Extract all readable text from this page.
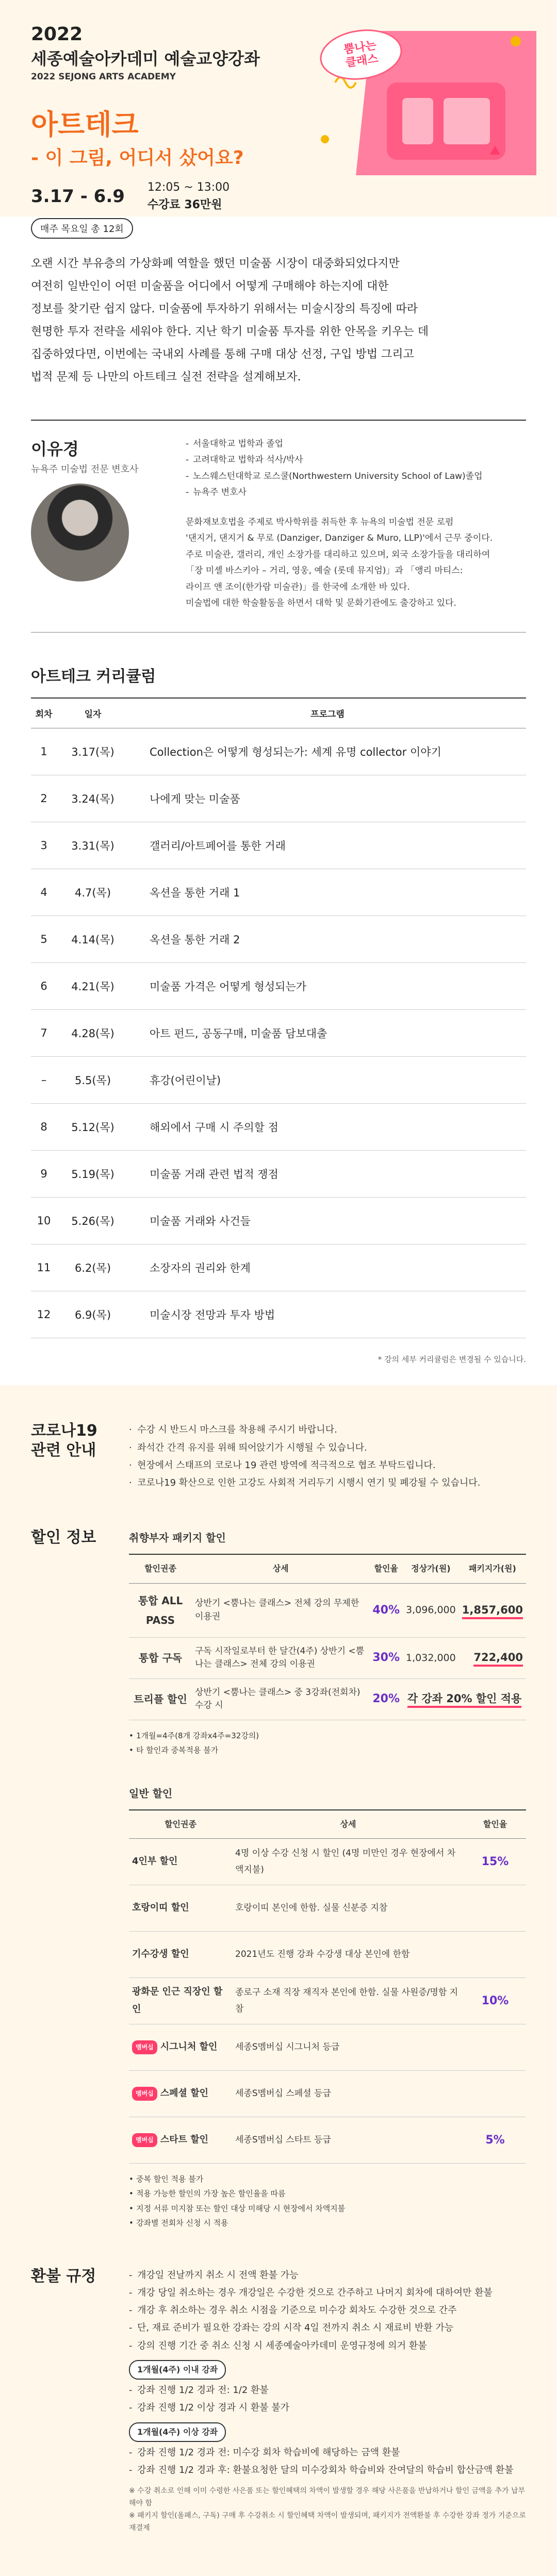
2022
세종예술아카데미 예술교양강좌
2022 SEJONG ARTS ACADEMY
아트테크
- 이 그림, 어디서 샀어요?
3.17 - 6.9 12:05 ~ 13:00
수강료 36만원
매주 목요일 총 12회
뿜나는
클래스
오랜 시간 부유층의 가상화폐 역할을 했던 미술품 시장이 대중화되었다지만
여전히 일반인이 어떤 미술품을 어디에서 어떻게 구매해야 하는지에 대한
정보를 찾기란 쉽지 않다. 미술품에 투자하기 위해서는 미술시장의 특징에 따라
현명한 투자 전략을 세워야 한다. 지난 학기 미술품 투자를 위한 안목을 키우는 데
집중하였다면, 이번에는 국내외 사례를 통해 구매 대상 선정, 구입 방법 그리고
법적 문제 등 나만의 아트테크 실전 전략을 설계해보자.
이유경
뉴욕주 미술법 전문 변호사
- 서울대학교 법학과 졸업
- 고려대학교 법학과 석사/박사
- 노스웨스턴대학교 로스쿨(Northwestern University School of Law)졸업
- 뉴욕주 변호사
문화재보호법을 주제로 박사학위를 취득한 후 뉴욕의 미술법 전문 로펌
'댄지거, 댄지거 & 무로 (Danziger, Danziger & Muro, LLP)'에서 근무 중이다.
주로 미술관, 갤러리, 개인 소장가를 대리하고 있으며, 외국 소장가들을 대리하여
「장 미셸 바스키아 – 거리, 영웅, 예술 (롯데 뮤지엄)」과 「앵리 마티스:
라이프 앤 조이(한가람 미술관)」를 한국에 소개한 바 있다.
미술법에 대한 학술활동을 하면서 대학 및 문화기관에도 출강하고 있다.
아트테크 커리큘럼
회차	일자	프로그램
1	3.17(목)	Collection은 어떻게 형성되는가: 세계 유명 collector 이야기
2	3.24(목)	나에게 맞는 미술품
3	3.31(목)	갤러리/아트페어를 통한 거래
4	4.7(목)	옥션을 통한 거래 1
5	4.14(목)	옥션을 통한 거래 2
6	4.21(목)	미술품 가격은 어떻게 형성되는가
7	4.28(목)	아트 펀드, 공동구매, 미술품 담보대출
–	5.5(목)	휴강(어린이날)
8	5.12(목)	해외에서 구매 시 주의할 점
9	5.19(목)	미술품 거래 관련 법적 쟁점
10	5.26(목)	미술품 거래와 사건들
11	6.2(목)	소장자의 권리와 한계
12	6.9(목)	미술시장 전망과 투자 방법
* 강의 세부 커리큘럼은 변경될 수 있습니다.
코로나19
관련 안내
· 수강 시 반드시 마스크를 착용해 주시기 바랍니다.
· 좌석간 간격 유지를 위해 띄어앉기가 시행될 수 있습니다.
· 현장에서 스태프의 코로나 19 관련 방역에 적극적으로 협조 부탁드립니다.
· 코로나19 확산으로 인한 고강도 사회적 거리두기 시행시 연기 및 폐강될 수 있습니다.
할인 정보	취향부자 패키지 할인
할인권종	상세	할인율	정상가(원)	패키지가(원)
통합 ALL PASS	상반기 <뿜나는 클래스> 전체 강의 무제한 이용권	40%	3,096,000	1,857,600
통합 구독	구독 시작일로부터 한 달간(4주) 상반기 <뿜나는 클래스> 전체 강의 이용권	30%	1,032,000	722,400
트리플 할인	상반기 <뿜나는 클래스> 중 3강좌(전회차) 수강 시	20%	각 강좌 20% 할인 적용	
• 1개월=4주(8개 강좌x4주=32강의)
• 타 할인과 중복적용 불가
일반 할인
할인권종	상세	할인율
4인부 할인	4명 이상 수강 신청 시 할인 (4명 미만인 경우 현장에서 차액지불)	15%
호랑이띠 할인	호랑이띠 본인에 한함. 실물 신분증 지참	
기수강생 할인	2021년도 진행 강좌 수강생 대상 본인에 한함	
광화문 인근 직장인 할인	종로구 소재 직장 재직자 본인에 한함. 실물 사원증/명함 지참	10%
멤버십 시그니처 할인	세종S멤버십 시그니처 등급	
멤버십 스페셜 할인	세종S멤버십 스페셜 등급	
멤버십 스타트 할인	세종S멤버십 스타트 등급	5%
• 중복 할인 적용 불가
• 적용 가능한 할인의 가장 높은 할인율을 따름
• 지정 서류 미지참 또는 할인 대상 미해당 시 현장에서 차액지불
• 강좌별 전회차 신청 시 적용
환불 규정	- 개강일 전날까지 취소 시 전액 환불 가능
- 개강 당일 취소하는 경우 개강일은 수강한 것으로 간주하고 나머지 회차에 대하여만 환불
- 개강 후 취소하는 경우 취소 시점을 기준으로 미수강 회차도 수강한 것으로 간주
- 단, 재료 준비가 필요한 강좌는 강의 시작 4일 전까지 취소 시 재료비 반환 가능
- 강의 진행 기간 중 취소 신청 시 세종예술아카데미 운영규정에 의거 환불
1개월(4주) 이내 강좌
- 강좌 진행 1/2 경과 전: 1/2 환불
- 강좌 진행 1/2 이상 경과 시 환불 불가
1개월(4주) 이상 강좌
- 강좌 진행 1/2 경과 전: 미수강 회차 학습비에 해당하는 금액 환불
- 강좌 진행 1/2 경과 후: 환불요청한 달의 미수강회차 학습비와 잔여달의 학습비 합산금액 환불
※ 수강 취소로 인해 이미 수령한 사은품 또는 할인혜택의 차액이 발생할 경우 해당 사은품을 반납하거나 할인 금액을 추가 납부해야 함
※ 패키지 할인(올패스, 구독) 구매 후 수강취소 시 할인혜택 차액이 발생되며, 패키지가 전액환불 후 수강한 강좌 정가 기준으로 재결제
